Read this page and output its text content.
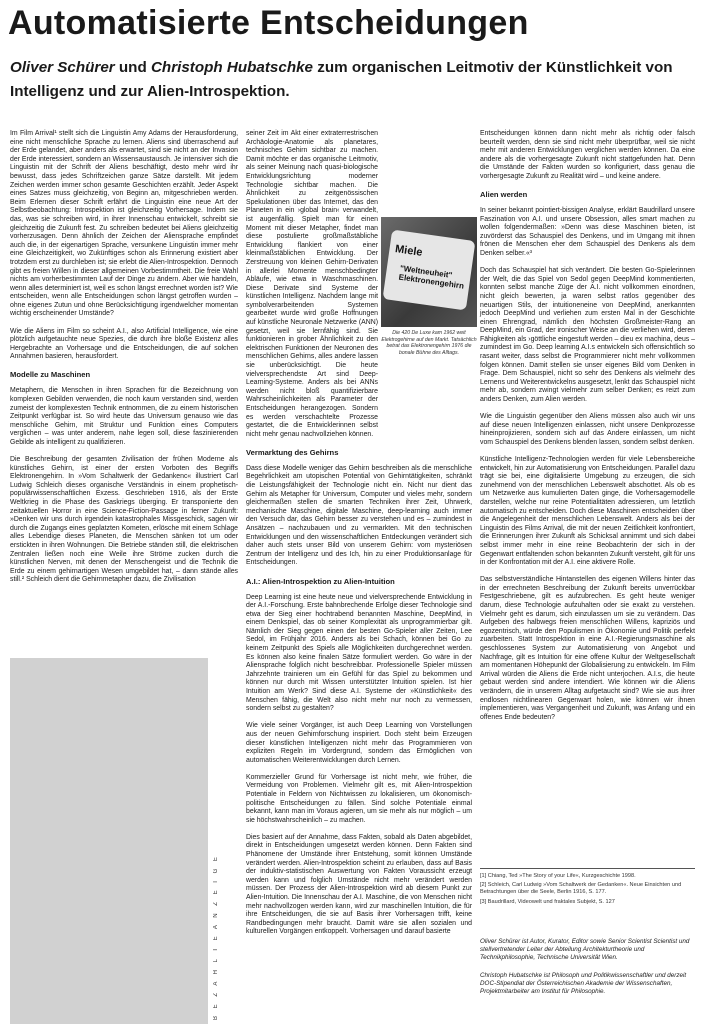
Automatisierte Entscheidungen
Oliver Schürer und Christoph Hubatschke zum organischen Leitmotiv der Künstlichkeit von Intelligenz und zur Alien-Introspektion.

Im Film Arrival¹ stellt sich die Linguistin Amy Adams der Herausforderung, eine nicht menschliche Sprache zu lernen. Aliens sind überraschend auf der Erde gelandet, aber anders als erwartet, sind sie nicht an der Invasion der Erde interessiert, sondern an Wissensaustausch. Je intensiver sich die Linguistin mit der Schrift der Aliens beschäftigt, desto mehr wird ihr bewusst, dass jedes Schriftzeichen ganze Sätze darstellt. Mit jedem Zeichen werden immer schon gesamte Geschichten erzählt. Jeder Aspekt eines Satzes muss gleichzeitig, von Beginn an, mitgeschrieben werden. Beim Erlernen dieser Schrift erfährt die Linguistin eine neue Art der Selbstbeobachtung: Introspektion ist gleichzeitig Vorhersage. Indem sie das, was sie schreiben wird, in ihrer Innenschau entwickelt, schreibt sie gleichzeitig die Zukunft fest. Zu schreiben bedeutet bei Aliens gleichzeitig vorherzusagen. Denn ähnlich der Zeichen der Aliensprache empfindet auch die, in der eigenartigen Sprache, versunkene Linguistin immer mehr eine Gleichzeitigkeit, wo Zukünftiges schon als Erinnerung existiert aber trotzdem erst zu durchleben ist; sie erlebt die Alien-Introspektion. Dennoch gibt es freien Willen in dieser allgemeinen Vorbestimmtheit. Die freie Wahl nichts am vorherbestimmten Lauf der Dinge zu ändern. Aber wie handeln, wenn alles determiniert ist, weil es schon längst errechnet worden ist? Wie entscheiden, wenn alle Entscheidungen schon längst getroffen wurden – ohne eigenes Zutun und ohne Berücksichtigung irgendwelcher momentan wichtig erscheinender Umstände?

Wie die Aliens im Film so scheint A.I., also Artificial Intelligence, wie eine plötzlich aufgetauchte neue Spezies, die durch ihre bloße Existenz alles Hergebrachte an Vorhersage und die Entscheidungen, die auf solchen Annahmen basieren, herausfordert.

Modelle zu Maschinen

Metaphern, die Menschen in ihren Sprachen für die Bezeichnung von komplexen Gebilden verwenden, die noch kaum verstanden sind, werden zumeist der komplexesten Technik entnommen, die zu einem historischen Zeitpunkt verfügbar ist. So wird heute das Universum genauso wie das menschliche Gehirn, mit Struktur und Funktion eines Computers verglichen – was unter anderem, nahe legen soll, diese faszinierenden Gebilde als intelligent zu qualifizieren.

Die Beschreibung der gesamten Zivilisation der frühen Moderne als künstliches Gehirn, ist einer der ersten Vorboten des Begriffs Elektronengehirn. In »Vom Schaltwerk der Gedankenc« illustriert Carl Ludwig Schleich dieses organische Verständnis in einem prophetisch-populärwissenschaftlichen Exzess. Geschrieben 1916, als der Erste Weltkrieg in die Phase des Gaskriegs überging. Er transponierte den zeitaktuellen Horror in eine Science-Fiction-Passage in ferner Zukunft: »Denken wir uns durch irgendein katastrophales Missgeschick, sagen wir durch die Zugangs eines geplatzten Kometen, erlösche mit einem Schlage alles Lebendige dieses Planeten, die Menschen sänken tot um oder erstickten in ihren Wohnungen. Die Betriebe ständen still, die elektrischen Zentralen ließen noch eine Weile ihre Ströme zucken durch die künstlichen Nerven, mit denen der Menschengeist und die Technik die Erde zu einem gehirnartigen Wesen umgebildet hat, – dann stände alles still.² Schleich dient die Gehirnmetapher dazu, die Zivilisation

B E Z A H L T E A N Z E I G E

seiner Zeit im Akt einer extraterrestrischen Archäologie-Anatomie als planetares, technisches Gehirn sichtbar zu machen. Damit möchte er das organische Leitmotiv, als seiner Meinung nach quasi-biologische Entwicklungsrichtung moderner Technologie sichtbar machen. Die Ähnlichkeit zu zeitgenössischen Spekulationen über das Internet, das den Planeten in ein ›global brain‹ verwandelt, ist augenfällig. Spielt man für einen Moment mit dieser Metapher, findet man diese postulierte großmaßstäbliche Entwicklung flankiert von einer kleinmaßstäblichen Entwicklung. Der Zerstreuung von kleinen Gehirn-Derivaten in allerlei Momente menschbedingter Abläufe, wie etwa in Waschmaschinen. Diese Derivate sind Systeme der künstlichen Intelligenz. Nachdem lange mit symbolverarbeitenden Systemen gearbeitet wurde wird große Hoffnungen auf künstliche Neuronale Netzwerke (ANN) gesetzt, weil sie lernfähig sind. Sie funktionieren in grober Ähnlichkeit zu den elektrischen Funktionen der Neuronen des menschlichen Gehirns, alles andere lassen sie unberücksichtigt. Die heute vielversprechendste Art sind Deep-Learning-Systeme. Anders als bei ANNs werden nicht bloß quantifizierbare Wahrscheinlichkeiten als Parameter der Entscheidungen herangezogen. Sondern es werden verschachtelte Prozesse gestartet, die die Entwicklerinnen selbst nicht mehr genau nachvollziehen können.

Vermarktung des Gehirns

Dass diese Modelle weniger das Gehirn beschreiben als die menschliche Begehrlichkeit am utopischen Potential von Gehirntätigkeiten, schränkt die Leistungsfähigkeit der Technologie nicht ein. Nicht nur dient das Gehirn als Metapher für Universum, Computer und vieles mehr, sondern gleichermaßen stellen die smarten Techniken ihrer Zeit, Uhrwerk, mechanische Maschine, digitale Maschine, deep-learning auch immer den Versuch dar, das Gehirn besser zu verstehen und es – zumindest in Ansätzen – nachzubauen und zu vermarkten. Mit den technischen Entwicklungen und den wissenschaftlichen Entdeckungen verändert sich daher auch stets unser Bild von unserem Gehirn: vom mysteriösen Zentrum der Intelligenz und des Ich, hin zu einer Produktionsanlage für Entscheidungen.

A.I.: Alien-Introspektion zu Alien-Intuition

Deep Learning ist eine heute neue und vielversprechende Entwicklung in der A.I.-Forschung. Erste bahnbrechende Erfolge dieser Technologie sind etwa der Sieg einer hochtrabend benannten Maschine, DeepMind, in einem Denkspiel, das ob seiner Komplexität als unprogrammierbar gilt. Nämlich der Sieg gegen einen der besten Go-Spieler aller Zeiten, Lee Sedol, im Frühjahr 2016. Anders als bei Schach, können bei Go zu keinem Zeitpunkt des Spiels alle Möglichkeiten durchgerechnet werden. Es können also keine finalen Sätze formuliert werden. Go wäre in der Aliensprache folglich nicht beschreibbar. Professionelle Spieler müssen Jahrzehnte trainieren um ein Gefühl für das Spiel zu bekommen und können nur durch mit Wissen unterstützter Intuition spielen. Ist hier Intuition am Werk? Sind diese A.I. Systeme der »Künstlichkeit« des Menschen fähig, die Welt also nicht mehr nur noch zu vermessen, sondern selbst zu gestalten?

Wie viele seiner Vorgänger, ist auch Deep Learning von Vorstellungen aus der neuen Gehirnforschung inspiriert. Doch steht beim Erzeugen dieser künstlichen Intelligenzen nicht mehr das Programmieren von expliziten Regeln im Vordergrund, sondern das Ermöglichen von automatischen Weiterentwicklungen durch Lernen.

Kommerzieller Grund für Vorhersage ist nicht mehr, wie früher, die Vermeidung von Problemen. Vielmehr gilt es, mit Alien-Introspektion Potentiale in Feldern von Nichtwissen zu lokalisieren, um ökonomisch-politische Entscheidungen zu fällen. Sind solche Potentiale einmal bekannt, kann man im Voraus agieren, um sie mehr als nur möglich – um sie höchstwahrscheinlich – zu machen.

Dies basiert auf der Annahme, dass Fakten, sobald als Daten abgebildet, direkt in Entscheidungen umgesetzt werden können. Denn Fakten sind Phänomene der Umstände ihrer Entstehung, somit können Umstände verändert werden. Alien-Introspektion scheint zu erlauben, dass auf Basis der induktiv-statistischen Auswertung von Fakten Voraussicht erzeugt werden kann und folglich Umstände nicht mehr verändert werden müssen. Der Prozess der Alien-Introspektion wird ab diesem Punkt zur Alien-Intuition. Die Innenschau der A.I. Maschine, die von Menschen nicht mehr nachvollzogen werden kann, wird zur maschinellen Intuition, die für ihre Entscheidungen, die sie auf Basis ihrer Vorhersagen trifft, keine Randbedingungen mehr braucht. Damit wäre sie allen sozialen und kulturellen Vorgängen entkoppelt. Vorhersagen und darauf basierte

Miele
"Weltneuheit" Elektronengehirn
Die 420 De Luxe kam 1962 weit Elektrogehirne auf den Markt. Tatsächlich betrat das Elektronengehirn 1976 die bonale Bühne des Alltags.

Entscheidungen können dann nicht mehr als richtig oder falsch beurteilt werden, denn sie sind nicht mehr überprüfbar, weil sie nicht mehr mit anderen Entwicklungen verglichen werden können. Da eine andere als die vorhergesagte Zukunft nicht stattgefunden hat. Denn die Umstände der Fakten wurden so konfiguriert, dass genau die vorhergesagte Zukunft zu Realität wird – und keine andere.

Alien werden

In seiner bekannt pointiert-bissigen Analyse, erklärt Baudrillard unsere Faszination von A.I. und unsere Obsession, alles smart machen zu wollen folgendermaßen: »Denn was diese Maschinen bieten, ist zuvörderst das Schauspiel des Denkens, und im Umgang mit ihnen frönen die Menschen eher dem Schauspiel des Denkens als dem Denken selber.«³

Doch das Schauspiel hat sich verändert. Die besten Go-Spielerinnen der Welt, die das Spiel von Sedol gegen DeepMind kommentierten, konnten selbst manche Züge der A.I. nicht vollkommen einordnen, nicht gleich bewerten, ja waren selbst ratlos gegenüber des neuartigen Stils, der intuitioneneine von DeepMind, anerkannten jedoch DeepMind und verliehen zum ersten Mal in der Geschichte einen Ehrengrad, nämlich den höchsten Großmeister-Rang an DeepMind, ein Grad, der ironischer Weise an die verliehen wird, deren Fähigkeiten als ›göttliche eingestuft werden – dieu ex machina, deus – zumindest im Go. Deep learning A.I.s entwickeln sich offensichtlich so rasant weiter, dass selbst die Programmierer nicht mehr vollkommen folgen können. Damit stellen sie unser eigenes Bild vom Denken in Frage. Dem Schauspiel, nicht so sehr des Denkens als vielmehr des Lernens und Weiterentwickelns ausgesetzt, lenkt das Schauspiel nicht mehr ab, sondern zwingt vielmehr zum selber Denken; es reizt zum anders Denken, zum Alien werden.

Wie die Linguistin gegenüber den Aliens müssen also auch wir uns auf diese neuen Intelligenzen einlassen, nicht unsere Denkprozesse hineinprojizieren, sondern sich auf das Andere einlassen, um nicht vom Schauspiel des Denkens blenden lassen, sondern selbst denken.

Künstliche Intelligenz-Technologien werden für viele Lebensbereiche entwickelt, hin zur Automatisierung von Entscheidungen. Parallel dazu trägt sie bei, eine digitalisierte Umgebung zu erzeugen, die sich zunehmend von der menschlichen Lebenswelt abschottet. Als ob es um Netzwerke aus kumulierten Daten ginge, die Vorhersagemodelle darstellen, welche nur reine Potentialitäten adressieren, um letztlich automatisch zu entscheiden. Doch diese Maschinen entscheiden über die Angelegenheit der menschlichen Lebenswelt. Anders als bei der Linguistin des Films Arrival, die mit der neuen Zeitlichkeit konfrontiert, die Erinnerungen ihrer Zukunft als Schicksal annimmt und sich dabei selbst immer mehr in eine reine Beobachterin der sich in der Gegenwart entfaltenden schon bekannten Zukunft versteht, gilt für uns in der Konfrontation mit der A.I. eine aktivere Rolle.

Das selbstverständliche Hintanstellen des eigenen Willens hinter das in der errechneten Beschreibung der Zukunft bereits unverrückbar Festgeschriebene, gilt es aufzubrechen. Es geht heute weniger darum, diese Technologie aufzuhalten oder sie exakt zu verstehen. Vielmehr geht es darum, sich einzulassen um sie zu verändern. Das Aufgeben des halbwegs freien menschlichen Willens, kapriziös und egozentrisch, würde den Populismen in Ökonomie und Politik perfekt zuarbeiten. Statt Introspektion in eine A.I.-Regierungsmaschine als geschlossenes System zur Automatisierung von Angebot und Nachfrage, gilt es Intuition für eine offene Kultur der Weltgesellschaft am momentanen Höhepunkt der Globalisierung zu entwickeln. Im Film Arrival würden die Aliens die Erde nicht unterjochen. A.I.s, die heute gebaut werden sind andere intendiert. Wie können wir die Aliens verändern, die in unserem Alltag aufgetaucht sind? Wie sie aus ihrer endlosen nichtlinearen Gegenwart holen, wie können wir ihnen implementieren, was Vergangenheit und Zukunft, was Anfang und ein offenes Ende bedeuten?

[1] Chiang, Ted »The Story of your Life«, Kurzgeschichte 1998.
[2] Schleich, Carl Ludwig »Vom Schaltwerk der Gedanken«. Neue Einsichten und Betrachtungen über die Seele, Berlin 1916, S. 177.
[3] Baudrillard, Videowelt und fraktales Subjekt, S. 127
Oliver Schürer ist Autor, Kurator, Editor sowie Senior Scientist Scientist und stellvertretender Leiter der Abteilung Architekturtheorie und Technikphilosophie, Technische Universität Wien.
Christoph Hubatschke ist Philosoph und Politikwissenschaftler und derzeit DOC-Stipendiat der Österreichischen Akademie der Wissenschaften, Projektmitarbeiter am Institut für Philosophie.
